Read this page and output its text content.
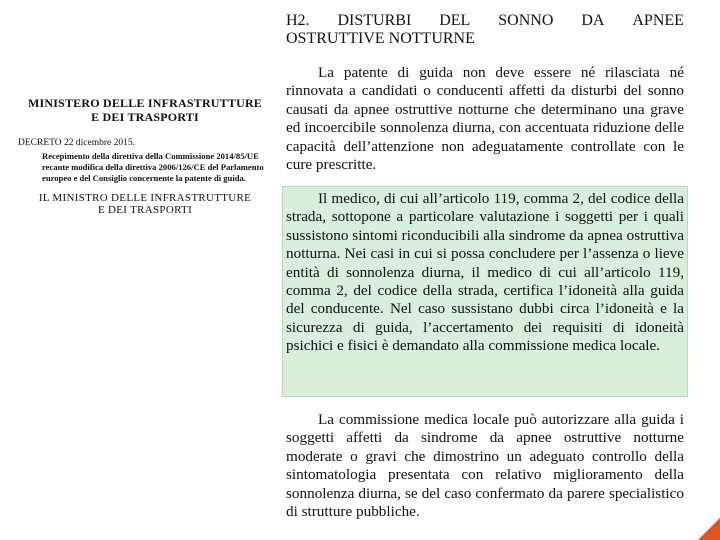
MINISTERO DELLE INFRASTRUTTURE
E DEI TRASPORTI

DECRETO 22 dicembre 2015.

Recepimento della direttiva della Commissione 2014/85/UE recante modifica della direttiva 2006/126/CE del Parlamento europeo e del Consiglio concernente la patente di guida.

IL MINISTRO DELLE INFRASTRUTTURE
E DEI TRASPORTI

H2. DISTURBI DEL SONNO DA APNEE
OSTRUTTIVE NOTTURNE

La patente di guida non deve essere né rilasciata né rinnovata a candidati o conducenti affetti da disturbi del sonno causati da apnee ostruttive notturne che determinano una grave ed incoercibile sonnolenza diurna, con accentuata riduzione delle capacità dell’attenzione non adeguatamente controllate con le cure prescritte.

Il medico, di cui all’articolo 119, comma 2, del codice della strada, sottopone a particolare valutazione i soggetti per i quali sussistono sintomi riconducibili alla sindrome da apnea ostruttiva notturna. Nei casi in cui si possa concludere per l’assenza o lieve entità di sonnolenza diurna, il medico di cui all’articolo 119, comma 2, del codice della strada, certifica l’idoneità alla guida del conducente. Nel caso sussistano dubbi circa l’idoneità e la sicurezza di guida, l’accertamento dei requisiti di idoneità psichici e fisici è demandato alla commissione medica locale.

La commissione medica locale può autorizzare alla guida i soggetti affetti da sindrome da apnee ostruttive notturne moderate o gravi che dimostrino un adeguato controllo della sintomatologia presentata con relativo miglioramento della sonnolenza diurna, se del caso confermato da parere specialistico di strutture pubbliche.
